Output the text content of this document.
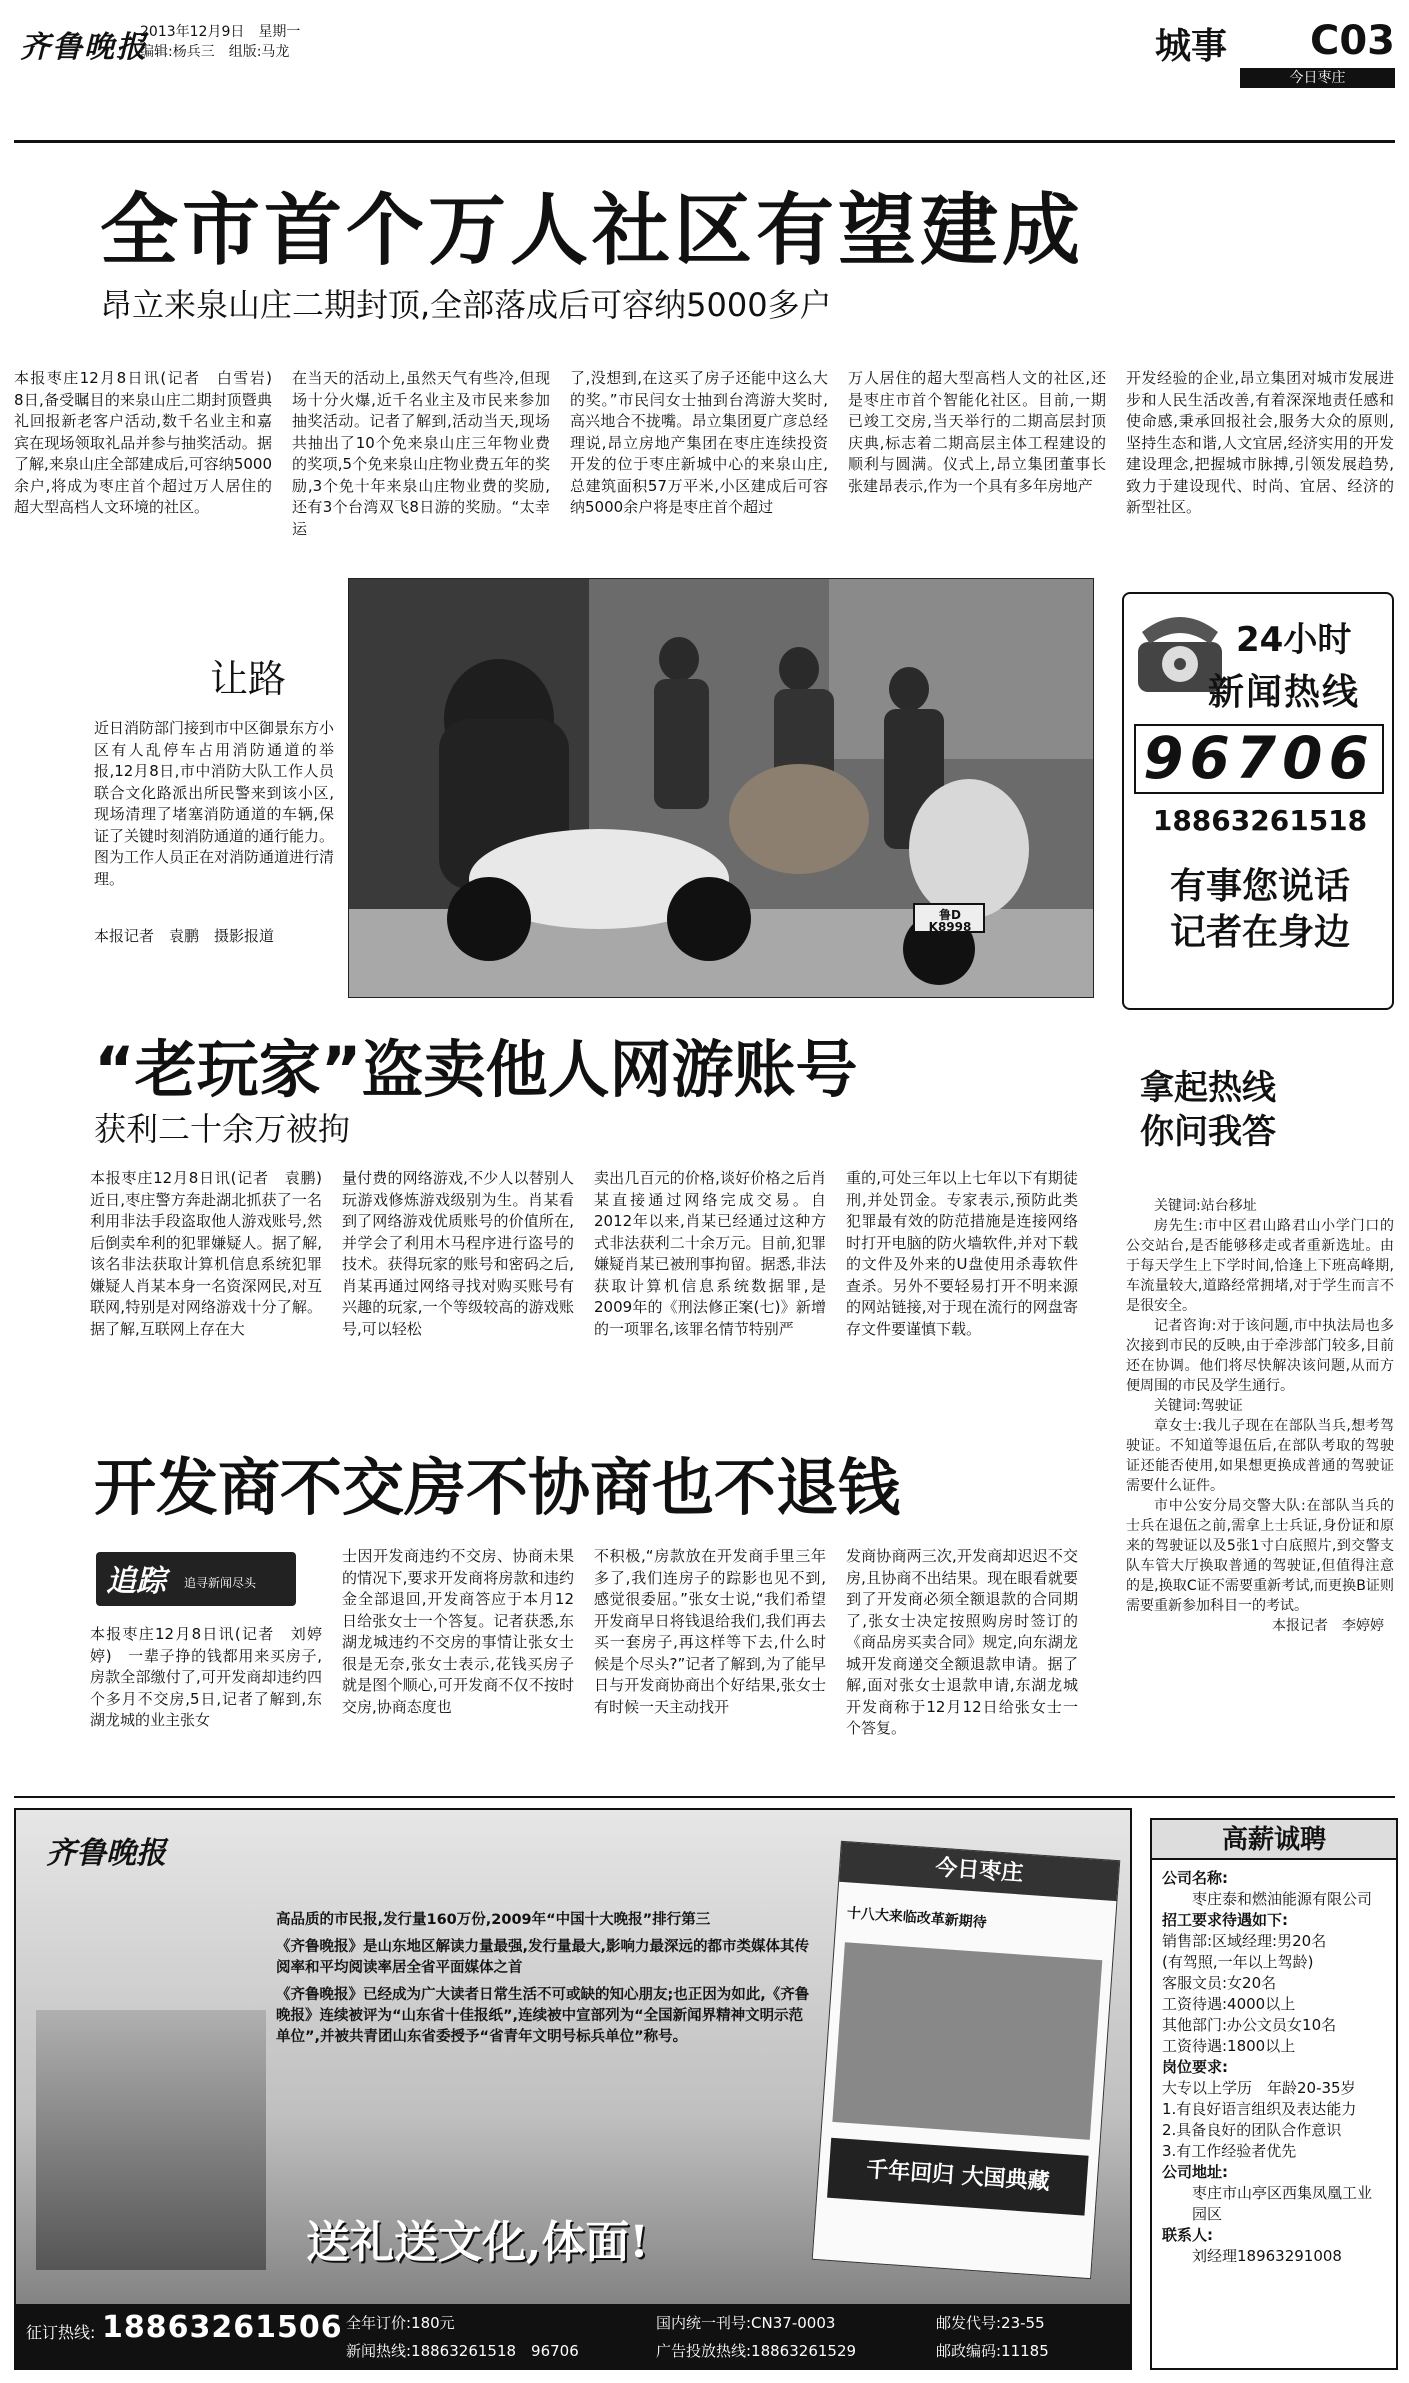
齐鲁晚报
2013年12月9日　星期一
编辑:杨兵三　组版:马龙	城事 C03
今日枣庄
全市首个万人社区有望建成
昂立来泉山庄二期封顶,全部落成后可容纳5000多户
本报枣庄12月8日讯(记者　白雪岩)　8日,备受瞩目的来泉山庄二期封顶暨典礼回报新老客户活动,数千名业主和嘉宾在现场领取礼品并参与抽奖活动。据了解,来泉山庄全部建成后,可容纳5000余户,将成为枣庄首个超过万人居住的超大型高档人文环境的社区。
在当天的活动上,虽然天气有些冷,但现场十分火爆,近千名业主及市民来参加抽奖活动。记者了解到,活动当天,现场共抽出了10个免来泉山庄三年物业费的奖项,5个免来泉山庄物业费五年的奖励,3个免十年来泉山庄物业费的奖励,还有3个台湾双飞8日游的奖励。“太幸运
了,没想到,在这买了房子还能中这么大的奖。”市民闫女士抽到台湾游大奖时,高兴地合不拢嘴。昂立集团夏广彦总经理说,昂立房地产集团在枣庄连续投资开发的位于枣庄新城中心的来泉山庄,总建筑面积57万平米,小区建成后可容纳5000余户将是枣庄首个超过
万人居住的超大型高档人文的社区,还是枣庄市首个智能化社区。目前,一期已竣工交房,当天举行的二期高层封顶庆典,标志着二期高层主体工程建设的顺利与圆满。仪式上,昂立集团董事长张建昂表示,作为一个具有多年房地产
开发经验的企业,昂立集团对城市发展进步和人民生活改善,有着深深地责任感和使命感,秉承回报社会,服务大众的原则,坚持生态和谐,人文宜居,经济实用的开发建设理念,把握城市脉搏,引领发展趋势,致力于建设现代、时尚、宜居、经济的新型社区。
让路
近日消防部门接到市中区御景东方小区有人乱停车占用消防通道的举报,12月8日,市中消防大队工作人员联合文化路派出所民警来到该小区,现场清理了堵塞消防通道的车辆,保证了关键时刻消防通道的通行能力。图为工作人员正在对消防通道进行清理。
本报记者　袁鹏　摄影报道
鲁D K8998
24小时
新闻热线
96706
18863261518
有事您说话
记者在身边
“老玩家”盗卖他人网游账号
获利二十余万被拘
本报枣庄12月8日讯(记者　袁鹏)　近日,枣庄警方奔赴湖北抓获了一名利用非法手段盗取他人游戏账号,然后倒卖牟利的犯罪嫌疑人。据了解,该名非法获取计算机信息系统犯罪嫌疑人肖某本身一名资深网民,对互联网,特别是对网络游戏十分了解。据了解,互联网上存在大
量付费的网络游戏,不少人以替别人玩游戏修炼游戏级别为生。肖某看到了网络游戏优质账号的价值所在,并学会了利用木马程序进行盗号的技术。获得玩家的账号和密码之后,肖某再通过网络寻找对购买账号有兴趣的玩家,一个等级较高的游戏账号,可以轻松
卖出几百元的价格,谈好价格之后肖某直接通过网络完成交易。自2012年以来,肖某已经通过这种方式非法获利二十余万元。目前,犯罪嫌疑肖某已被刑事拘留。据悉,非法获取计算机信息系统数据罪,是2009年的《刑法修正案(七)》新增的一项罪名,该罪名情节特别严
重的,可处三年以上七年以下有期徒刑,并处罚金。专家表示,预防此类犯罪最有效的防范措施是连接网络时打开电脑的防火墙软件,并对下载的文件及外来的U盘使用杀毒软件查杀。另外不要轻易打开不明来源的网站链接,对于现在流行的网盘寄存文件要谨慎下载。
拿起热线
你问我答

关键词:站台移址

房先生:市中区君山路君山小学门口的公交站台,是否能够移走或者重新选址。由于每天学生上下学时间,恰逢上下班高峰期,车流量较大,道路经常拥堵,对于学生而言不是很安全。

记者咨询:对于该问题,市中执法局也多次接到市民的反映,由于牵涉部门较多,目前还在协调。他们将尽快解决该问题,从而方便周围的市民及学生通行。

关键词:驾驶证

章女士:我儿子现在在部队当兵,想考驾驶证。不知道等退伍后,在部队考取的驾驶证还能否使用,如果想更换成普通的驾驶证需要什么证件。

市中公安分局交警大队:在部队当兵的士兵在退伍之前,需拿上士兵证,身份证和原来的驾驶证以及5张1寸白底照片,到交警支队车管大厅换取普通的驾驶证,但值得注意的是,换取C证不需要重新考试,而更换B证则需要重新参加科目一的考试。

本报记者　李婷婷

开发商不交房不协商也不退钱
追踪 追寻新闻尽头
本报枣庄12月8日讯(记者　刘婷婷)　一辈子挣的钱都用来买房子,房款全部缴付了,可开发商却违约四个多月不交房,5日,记者了解到,东湖龙城的业主张女
士因开发商违约不交房、协商未果的情况下,要求开发商将房款和违约金全部退回,开发商答应于本月12日给张女士一个答复。记者获悉,东湖龙城违约不交房的事情让张女士很是无奈,张女士表示,花钱买房子就是图个顺心,可开发商不仅不按时交房,协商态度也
不积极,“房款放在开发商手里三年多了,我们连房子的踪影也见不到,感觉很委屈。”张女士说,“我们希望开发商早日将钱退给我们,我们再去买一套房子,再这样等下去,什么时候是个尽头?”记者了解到,为了能早日与开发商协商出个好结果,张女士有时候一天主动找开
发商协商两三次,开发商却迟迟不交房,且协商不出结果。现在眼看就要到了开发商必须全额退款的合同期了,张女士决定按照购房时签订的《商品房买卖合同》规定,向东湖龙城开发商递交全额退款申请。据了解,面对张女士退款申请,东湖龙城开发商称于12月12日给张女士一个答复。
齐鲁晚报

高品质的市民报,发行量160万份,2009年“中国十大晚报”排行第三

《齐鲁晚报》是山东地区解读力量最强,发行量最大,影响力最深远的都市类媒体其传阅率和平均阅读率居全省平面媒体之首

《齐鲁晚报》已经成为广大读者日常生活不可或缺的知心朋友;也正因为如此,《齐鲁晚报》连续被评为“山东省十佳报纸”,连续被中宣部列为“全国新闻界精神文明示范单位”,并被共青团山东省委授予“省青年文明号标兵单位”称号。

送礼送文化,体面!
今日枣庄
十八大来临改革新期待
千年回归 大国典藏
征订热线: 18863261506 全年订价:180元
新闻热线:18863261518　96706
国内统一刊号:CN37-0003
广告投放热线:18863261529
邮发代号:23-55
邮政编码:11185
高薪诚聘
公司名称:
枣庄泰和燃油能源有限公司
招工要求待遇如下:
销售部:区域经理:男20名
(有驾照,一年以上驾龄)
客服文员:女20名
工资待遇:4000以上
其他部门:办公文员女10名
工资待遇:1800以上
岗位要求:
大专以上学历　年龄20-35岁
1.有良好语言组织及表达能力
2.具备良好的团队合作意识
3.有工作经验者优先
公司地址:
枣庄市山亭区西集凤凰工业园区
联系人:
刘经理18963291008
